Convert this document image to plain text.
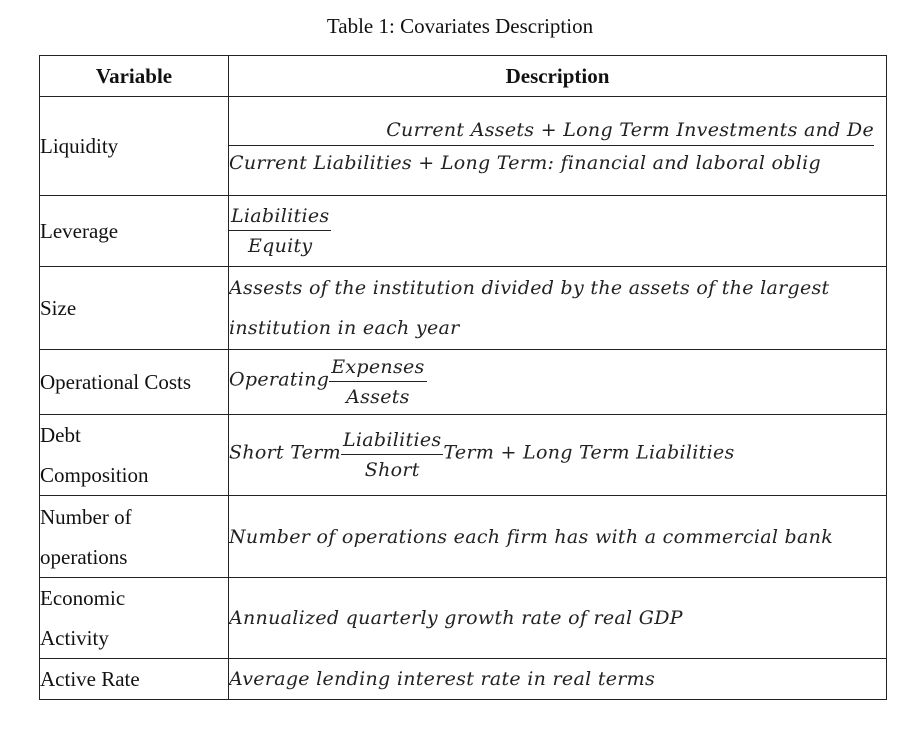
Table 1: Covariates Description
Variable	Description
Liquidity	Current Assets + Long Term Investments and De
Current Liabilities + Long Term: financial and laboral oblig

Leverage	$\frac{\text{Liabilities}}{\text{Equity}}$

Size	Assests of the institution divided by the assets of the largest
institution in each year

Operational Costs	Operating $\frac{\text{Expenses}}{\text{Assets}}$

Debt
Composition	Short Term $\frac{\text{Liabilities}}{\text{Short}}$ Term + Long Term Liabilities

Number of
operations	Number of operations each firm has with a commercial bank

Economic
Activity	Annualized quarterly growth rate of real GDP
Active Rate	Average lending interest rate in real terms
